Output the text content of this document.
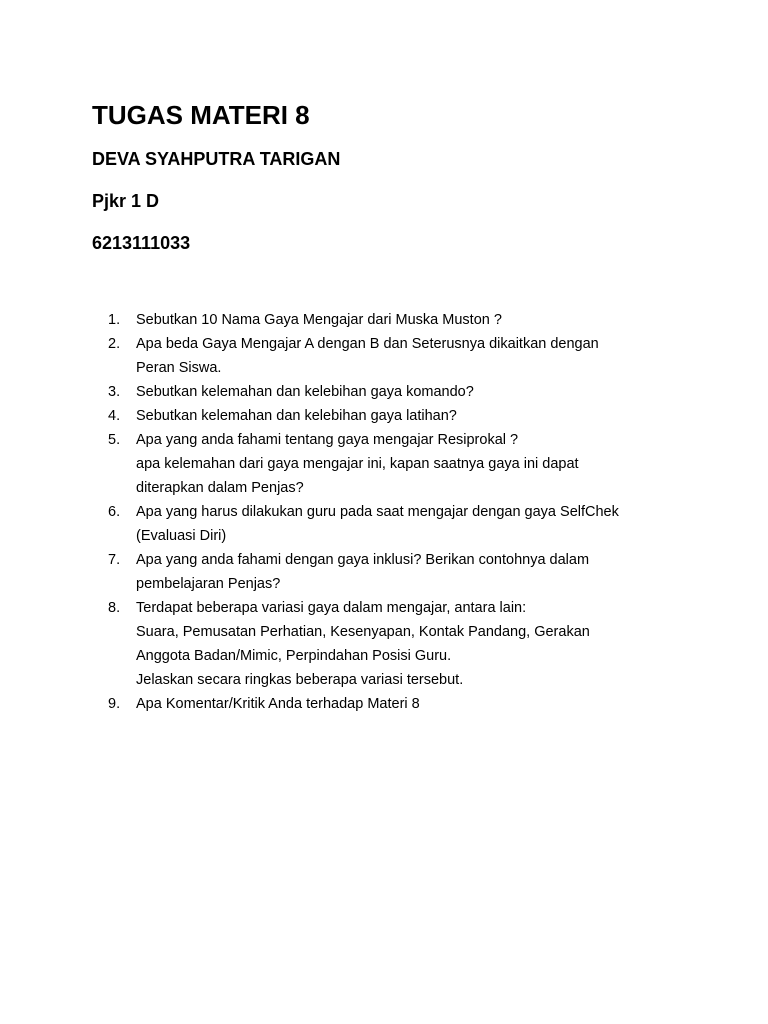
TUGAS MATERI 8
DEVA SYAHPUTRA TARIGAN
Pjkr 1 D
6213111033
1.	Sebutkan 10 Nama Gaya Mengajar dari Muska Muston ?
2.	Apa beda Gaya Mengajar A dengan B dan Seterusnya dikaitkan dengan
Peran Siswa.
3.	Sebutkan kelemahan dan kelebihan gaya komando?
4.	Sebutkan kelemahan dan kelebihan gaya latihan?
5.	Apa yang anda fahami tentang gaya mengajar Resiprokal ?
apa kelemahan dari gaya mengajar ini, kapan saatnya gaya ini dapat
diterapkan dalam Penjas?
6.	Apa yang harus dilakukan guru pada saat mengajar dengan gaya SelfChek
(Evaluasi Diri)
7.	Apa yang anda fahami dengan gaya inklusi? Berikan contohnya dalam
pembelajaran Penjas?
8.	Terdapat beberapa variasi gaya dalam mengajar, antara lain:
Suara, Pemusatan Perhatian, Kesenyapan, Kontak Pandang, Gerakan
Anggota Badan/Mimic, Perpindahan Posisi Guru.
Jelaskan secara ringkas beberapa variasi tersebut.
9.	Apa Komentar/Kritik Anda terhadap Materi 8
